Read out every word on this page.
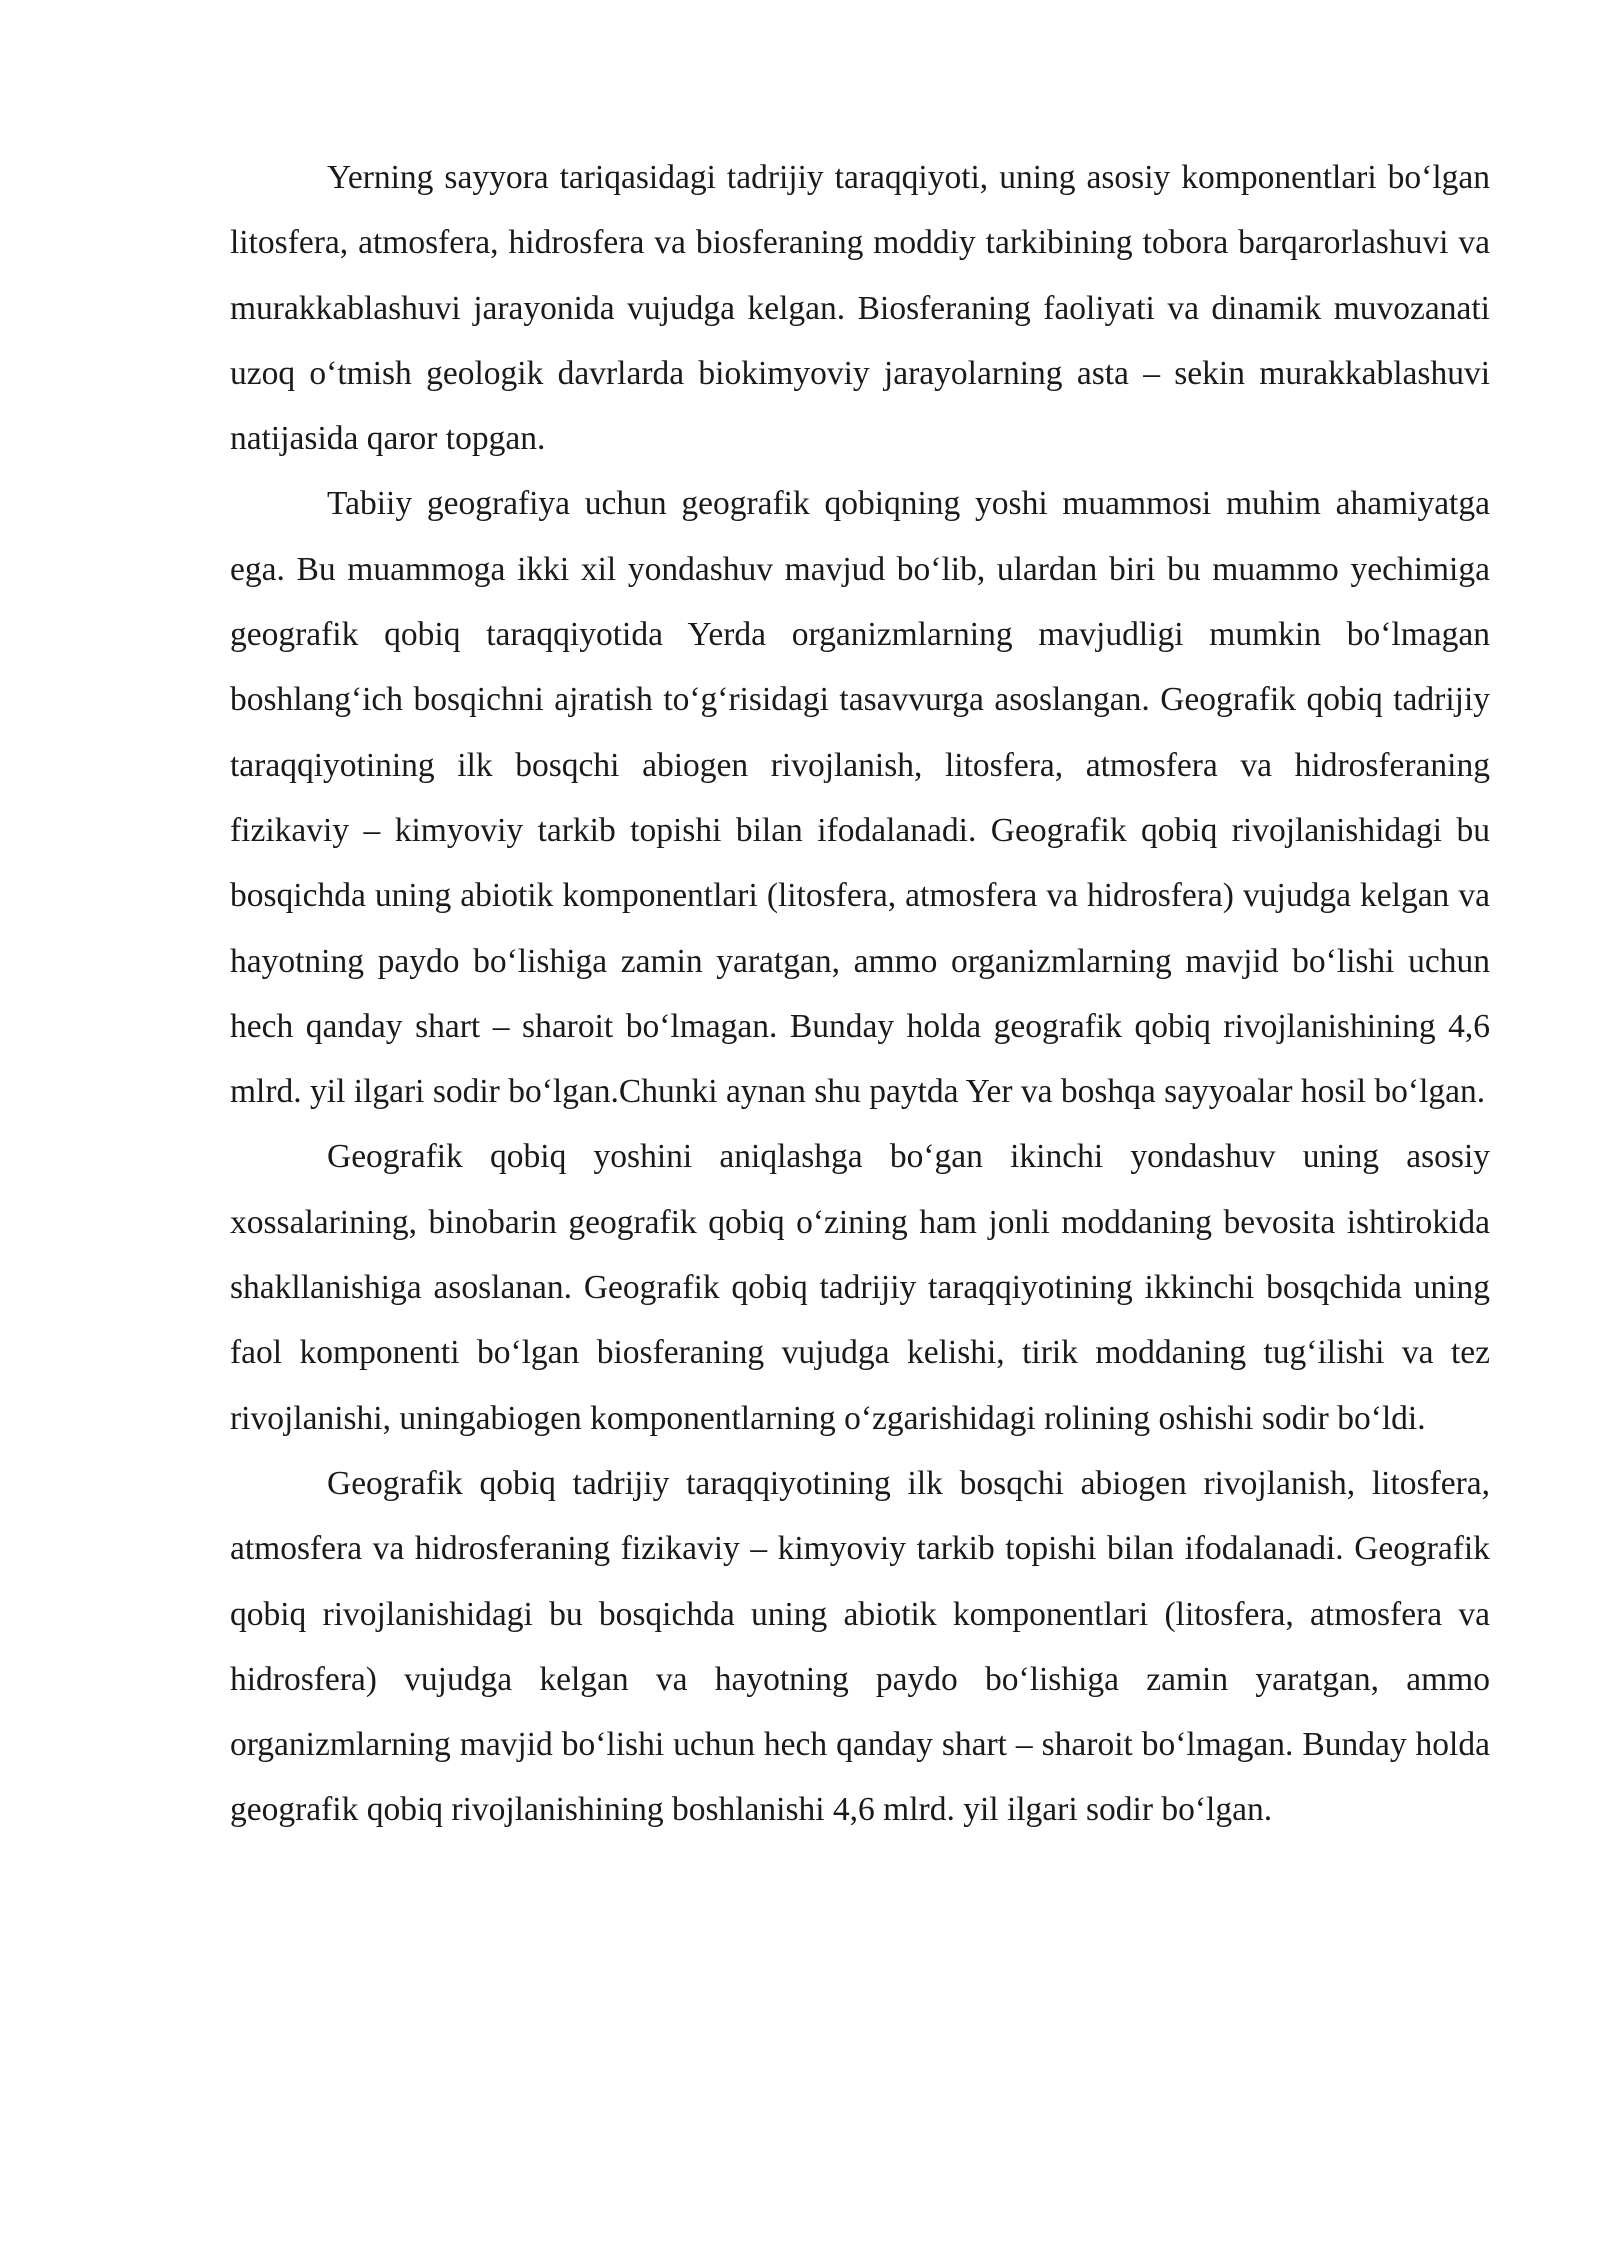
Yerning sayyora tariqasidagi tadrijiy taraqqiyoti, uning asosiy komponentlari bo‘lgan litosfera, atmosfera, hidrosfera va biosferaning moddiy tarkibining tobora barqarorlashuvi va murakkablashuvi jarayonida vujudga kelgan. Biosferaning faoliyati va dinamik muvozanati uzoq o‘tmish geologik davrlarda biokimyoviy jarayolarning asta – sekin murakkablashuvi natijasida qaror topgan.

Tabiiy geografiya uchun geografik qobiqning yoshi muammosi muhim ahamiyatga ega. Bu muammoga ikki xil yondashuv mavjud bo‘lib, ulardan biri bu muammo yechimiga geografik qobiq taraqqiyotida Yerda organizmlarning mavjudligi mumkin bo‘lmagan boshlang‘ich bosqichni ajratish to‘g‘risidagi tasavvurga asoslangan. Geografik qobiq tadrijiy taraqqiyotining ilk bosqchi abiogen rivojlanish, litosfera, atmosfera va hidrosferaning fizikaviy – kimyoviy tarkib topishi bilan ifodalanadi. Geografik qobiq rivojlanishidagi bu bosqichda uning abiotik komponentlari (litosfera, atmosfera va hidrosfera) vujudga kelgan va hayotning paydo bo‘lishiga zamin yaratgan, ammo organizmlarning mavjid bo‘lishi uchun hech qanday shart – sharoit bo‘lmagan. Bunday holda geografik qobiq rivojlanishining 4,6 mlrd. yil ilgari sodir bo‘lgan.Chunki aynan shu paytda Yer va boshqa sayyoalar hosil bo‘lgan.

Geografik qobiq yoshini aniqlashga bo‘gan ikinchi yondashuv uning asosiy xossalarining, binobarin geografik qobiq o‘zining ham jonli moddaning bevosita ishtirokida shakllanishiga asoslanan. Geografik qobiq tadrijiy taraqqiyotining ikkinchi bosqchida uning faol komponenti bo‘lgan biosferaning vujudga kelishi, tirik moddaning tug‘ilishi va tez rivojlanishi, uningabiogen komponentlarning o‘zgarishidagi rolining oshishi sodir bo‘ldi.

Geografik qobiq tadrijiy taraqqiyotining ilk bosqchi abiogen rivojlanish, litosfera, atmosfera va hidrosferaning fizikaviy – kimyoviy tarkib topishi bilan ifodalanadi. Geografik qobiq rivojlanishidagi bu bosqichda uning abiotik komponentlari (litosfera, atmosfera va hidrosfera) vujudga kelgan va hayotning paydo bo‘lishiga zamin yaratgan, ammo organizmlarning mavjid bo‘lishi uchun hech qanday shart – sharoit bo‘lmagan. Bunday holda geografik qobiq rivojlanishining boshlanishi 4,6 mlrd. yil ilgari sodir bo‘lgan.
